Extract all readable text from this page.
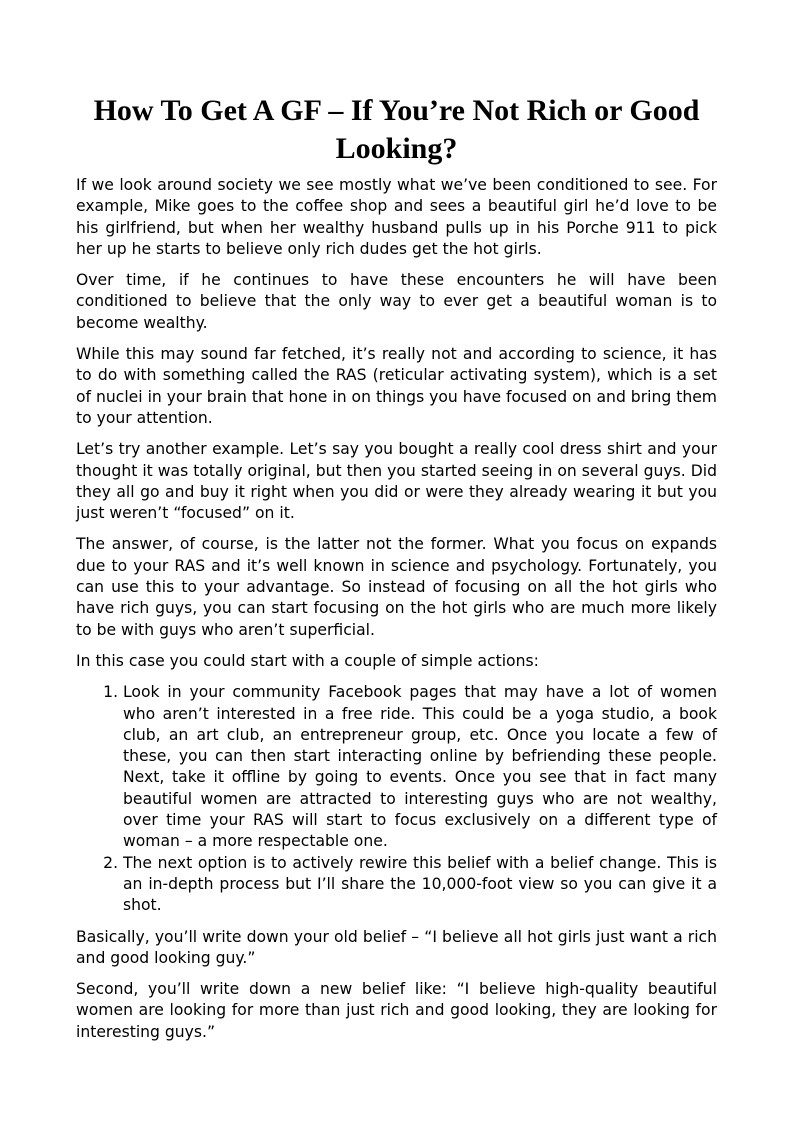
How To Get A GF – If You’re Not Rich or Good Looking?

If we look around society we see mostly what we’ve been conditioned to see. For example, Mike goes to the coffee shop and sees a beautiful girl he’d love to be his girlfriend, but when her wealthy husband pulls up in his Porche 911 to pick her up he starts to believe only rich dudes get the hot girls.

Over time, if he continues to have these encounters he will have been conditioned to believe that the only way to ever get a beautiful woman is to become wealthy.

While this may sound far fetched, it’s really not and according to science, it has to do with something called the RAS (reticular activating system), which is a set of nuclei in your brain that hone in on things you have focused on and bring them to your attention.

Let’s try another example. Let’s say you bought a really cool dress shirt and your thought it was totally original, but then you started seeing in on several guys. Did they all go and buy it right when you did or were they already wearing it but you just weren’t “focused” on it.

The answer, of course, is the latter not the former. What you focus on expands due to your RAS and it’s well known in science and psychology. Fortunately, you can use this to your advantage. So instead of focusing on all the hot girls who have rich guys, you can start focusing on the hot girls who are much more likely to be with guys who aren’t superficial.

In this case you could start with a couple of simple actions:

1. Look in your community Facebook pages that may have a lot of women who aren’t interested in a free ride. This could be a yoga studio, a book club, an art club, an entrepreneur group, etc. Once you locate a few of these, you can then start interacting online by befriending these people. Next, take it offline by going to events. Once you see that in fact many beautiful women are attracted to interesting guys who are not wealthy, over time your RAS will start to focus exclusively on a different type of woman – a more respectable one.
2. The next option is to actively rewire this belief with a belief change. This is an in-depth process but I’ll share the 10,000-foot view so you can give it a shot.

Basically, you’ll write down your old belief – “I believe all hot girls just want a rich and good looking guy.”

Second, you’ll write down a new belief like: “I believe high-quality beautiful women are looking for more than just rich and good looking, they are looking for interesting guys.”
